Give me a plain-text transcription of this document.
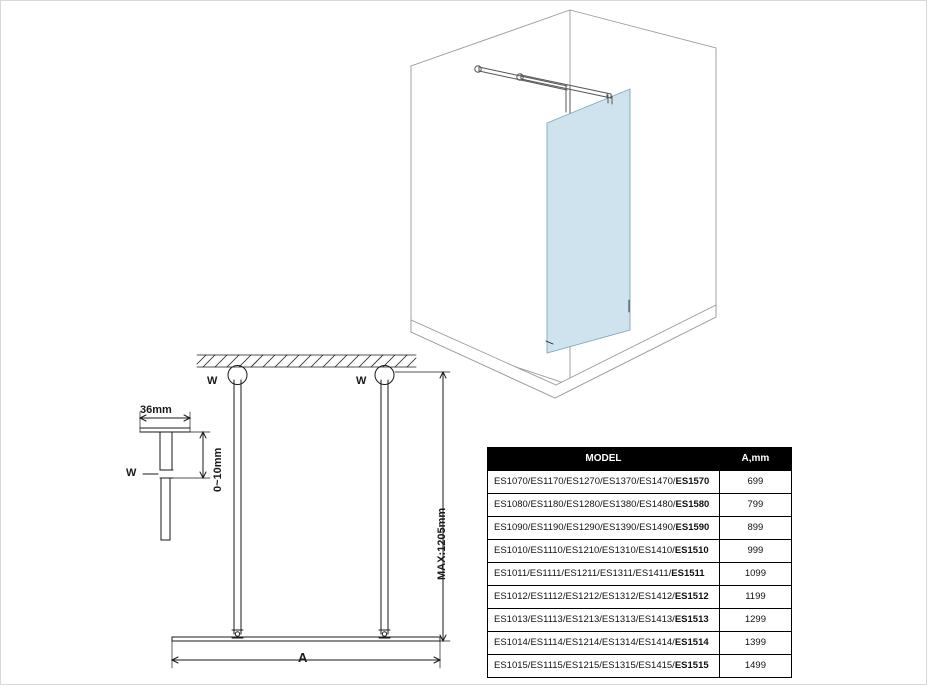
36mm
0~10mm
W
W	W
MAX:1205mm
A
MODEL	A,mm
ES1070/ES1170/ES1270/ES1370/ES1470/ES1570	699
ES1080/ES1180/ES1280/ES1380/ES1480/ES1580	799
ES1090/ES1190/ES1290/ES1390/ES1490/ES1590	899
ES1010/ES1110/ES1210/ES1310/ES1410/ES1510	999
ES1011/ES1111/ES1211/ES1311/ES1411/ES1511	1099
ES1012/ES1112/ES1212/ES1312/ES1412/ES1512	1199
ES1013/ES1113/ES1213/ES1313/ES1413/ES1513	1299
ES1014/ES1114/ES1214/ES1314/ES1414/ES1514	1399
ES1015/ES1115/ES1215/ES1315/ES1415/ES1515	1499
